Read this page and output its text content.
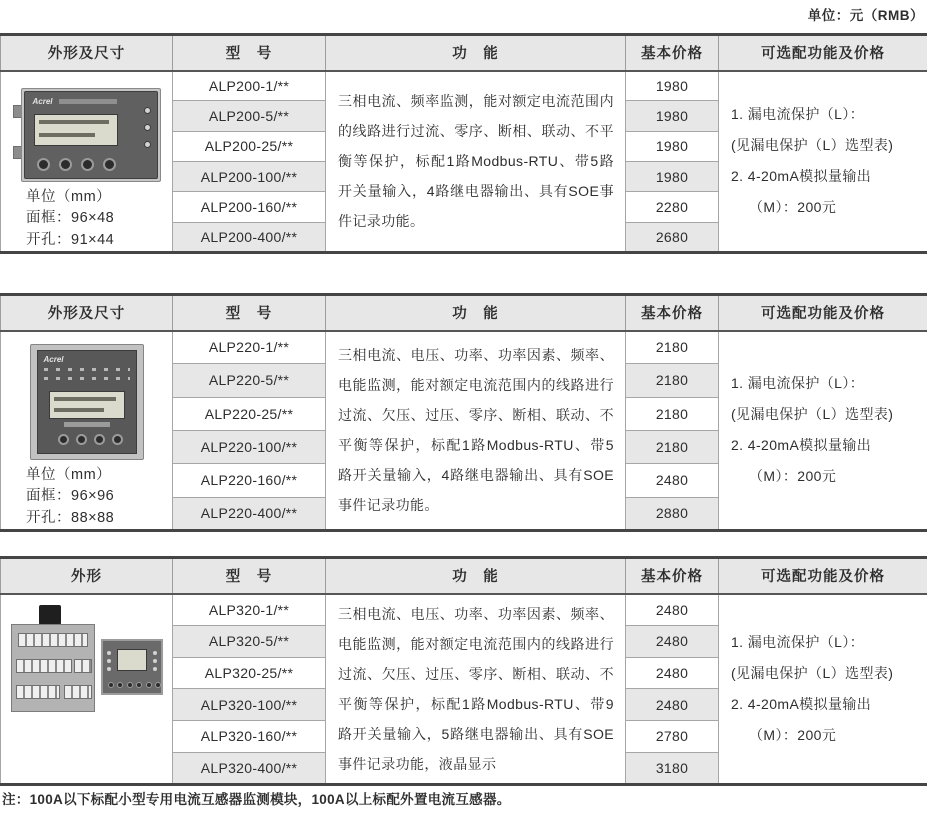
单位：元（RMB）
外形及尺寸	型　号	功　能	基本价格	可选配功能及价格

Acrel
单位（mm）
面框：96×48
开孔：91×44
	ALP200-1/**	三相电流、频率监测，能对额定电流范围内的线路进行过流、零序、断相、联动、不平衡等保护，标配1路Modbus-RTU、带5路开关量输入，4路继电器输出、具有SOE事件记录功能。	1980	
1. 漏电流保护（L）：
(见漏电保护（L）选型表)
2. 4-20mA模拟量输出
（M）：200元

	ALP200-5/**		1980	
	ALP200-25/**		1980	
	ALP200-100/**		1980	
	ALP200-160/**		2280	
	ALP200-400/**		2680	
外形及尺寸	型　号	功　能	基本价格	可选配功能及价格

Acrel
单位（mm）
面框：96×96
开孔：88×88
	ALP220-1/**	三相电流、电压、功率、功率因素、频率、电能监测，能对额定电流范围内的线路进行过流、欠压、过压、零序、断相、联动、不平衡等保护，标配1路Modbus-RTU、带5路开关量输入，4路继电器输出、具有SOE事件记录功能。	2180	
1. 漏电流保护（L）：
(见漏电保护（L）选型表)
2. 4-20mA模拟量输出
（M）：200元

	ALP220-5/**		2180	
	ALP220-25/**		2180	
	ALP220-100/**		2180	
	ALP220-160/**		2480	
	ALP220-400/**		2880	
外形	型　号	功　能	基本价格	可选配功能及价格

	ALP320-1/**	三相电流、电压、功率、功率因素、频率、电能监测，能对额定电流范围内的线路进行过流、欠压、过压、零序、断相、联动、不平衡等保护，标配1路Modbus-RTU、带9路开关量输入，5路继电器输出、具有SOE事件记录功能，液晶显示	2480	1. 漏电流保护（L）：
(见漏电保护（L）选型表)
2. 4-20mA模拟量输出
（M）：200元

	ALP320-5/**		2480	
	ALP320-25/**		2480	
	ALP320-100/**		2480	
	ALP320-160/**		2780	
	ALP320-400/**		3180	
注：100A以下标配小型专用电流互感器监测模块，100A以上标配外置电流互感器。
